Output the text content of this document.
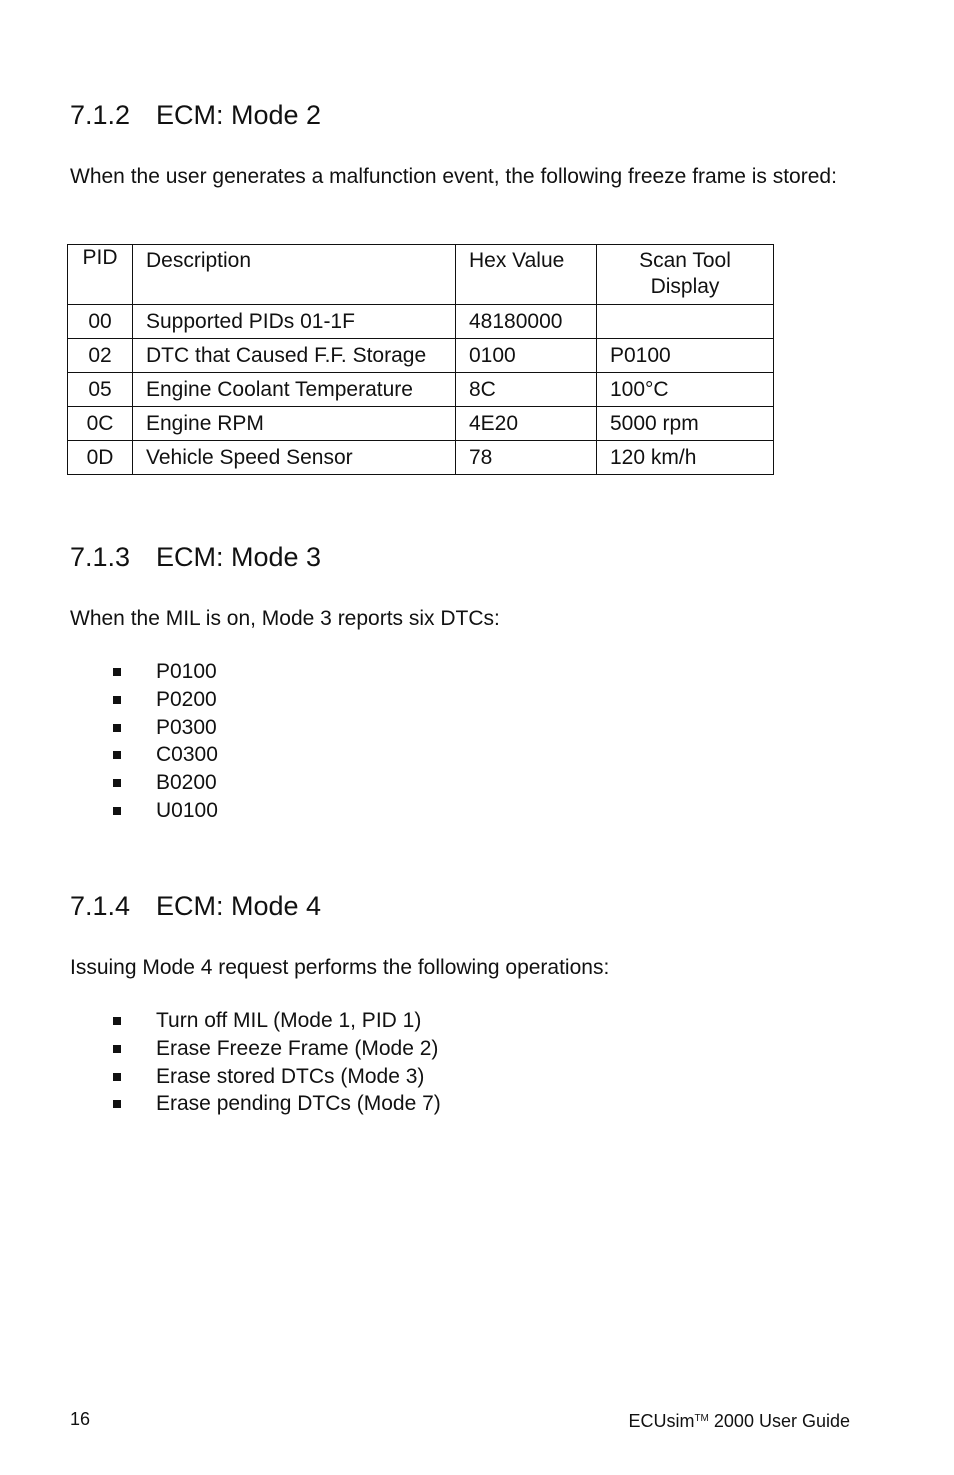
7.1.2 ECM: Mode 2
When the user generates a malfunction event, the following freeze frame is stored:
PID	Description	Hex Value	Scan Tool
Display

00	Supported PIDs 01-1F	48180000	
02	DTC that Caused F.F. Storage	0100	P0100
05	Engine Coolant Temperature	8C	100°C
0C	Engine RPM	4E20	5000 rpm
0D	Vehicle Speed Sensor	78	120 km/h
7.1.3 ECM: Mode 3
When the MIL is on, Mode 3 reports six DTCs:
P0100
P0200
P0300
C0300
B0200
U0100
7.1.4 ECM: Mode 4
Issuing Mode 4 request performs the following operations:
Turn off MIL (Mode 1, PID 1)
Erase Freeze Frame (Mode 2)
Erase stored DTCs (Mode 3)
Erase pending DTCs (Mode 7)
16	ECUsim™ 2000 User Guide
